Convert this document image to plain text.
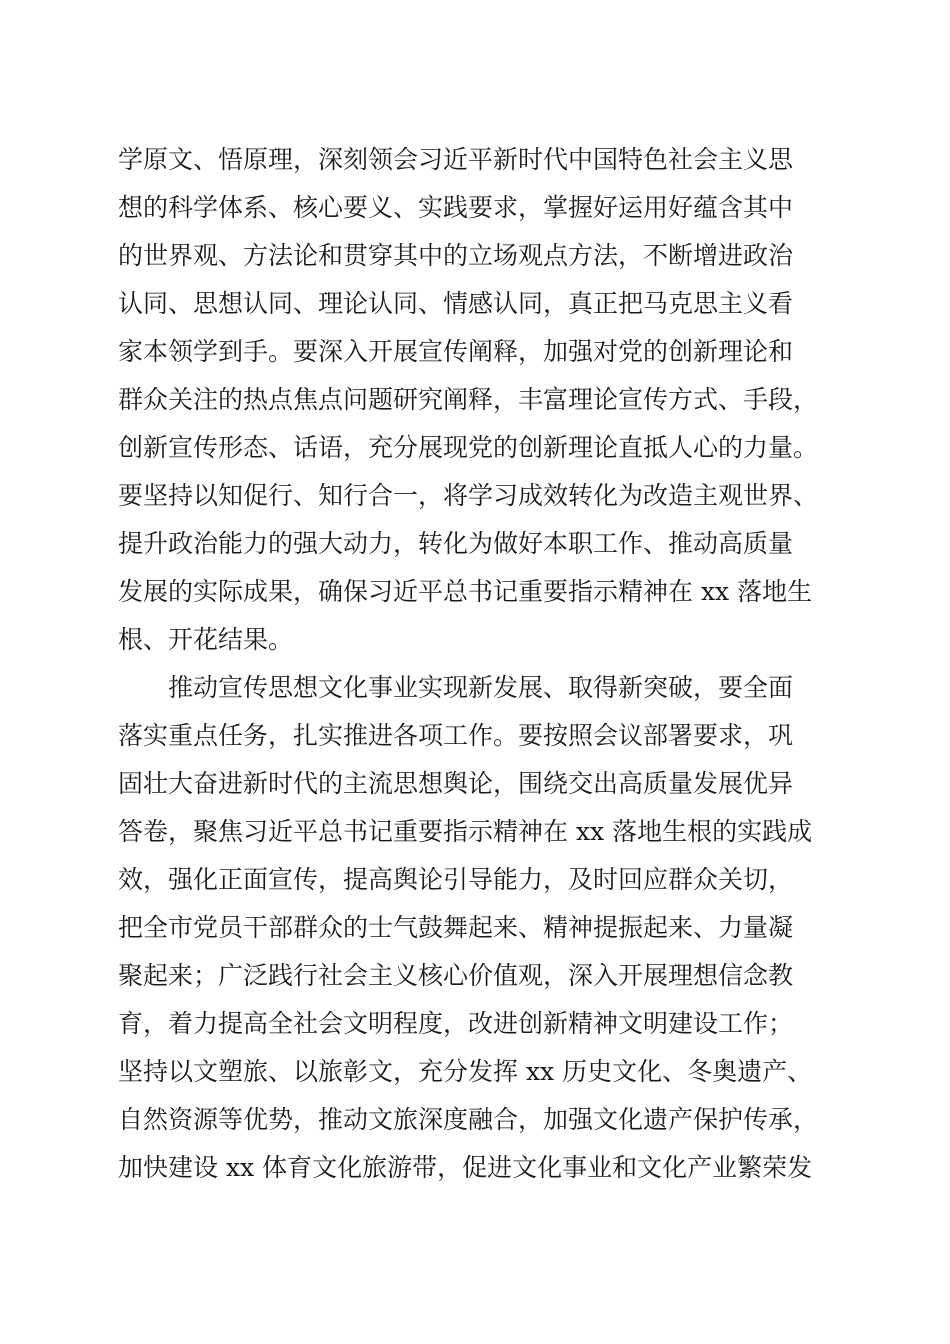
学原文、悟原理，深刻领会习近平新时代中国特色社会主义思
想的科学体系、核心要义、实践要求，掌握好运用好蕴含其中
的世界观、方法论和贯穿其中的立场观点方法，不断增进政治
认同、思想认同、理论认同、情感认同，真正把马克思主义看
家本领学到手。要深入开展宣传阐释，加强对党的创新理论和
群众关注的热点焦点问题研究阐释，丰富理论宣传方式、手段，
创新宣传形态、话语，充分展现党的创新理论直抵人心的力量。
要坚持以知促行、知行合一，将学习成效转化为改造主观世界、
提升政治能力的强大动力，转化为做好本职工作、推动高质量
发展的实际成果，确保习近平总书记重要指示精神在 xx 落地生
根、开花结果。
推动宣传思想文化事业实现新发展、取得新突破，要全面
落实重点任务，扎实推进各项工作。要按照会议部署要求，巩
固壮大奋进新时代的主流思想舆论，围绕交出高质量发展优异
答卷，聚焦习近平总书记重要指示精神在 xx 落地生根的实践成
效，强化正面宣传，提高舆论引导能力，及时回应群众关切，
把全市党员干部群众的士气鼓舞起来、精神提振起来、力量凝
聚起来；广泛践行社会主义核心价值观，深入开展理想信念教
育，着力提高全社会文明程度，改进创新精神文明建设工作；
坚持以文塑旅、以旅彰文，充分发挥 xx 历史文化、冬奥遗产、
自然资源等优势，推动文旅深度融合，加强文化遗产保护传承，
加快建设 xx 体育文化旅游带，促进文化事业和文化产业繁荣发
